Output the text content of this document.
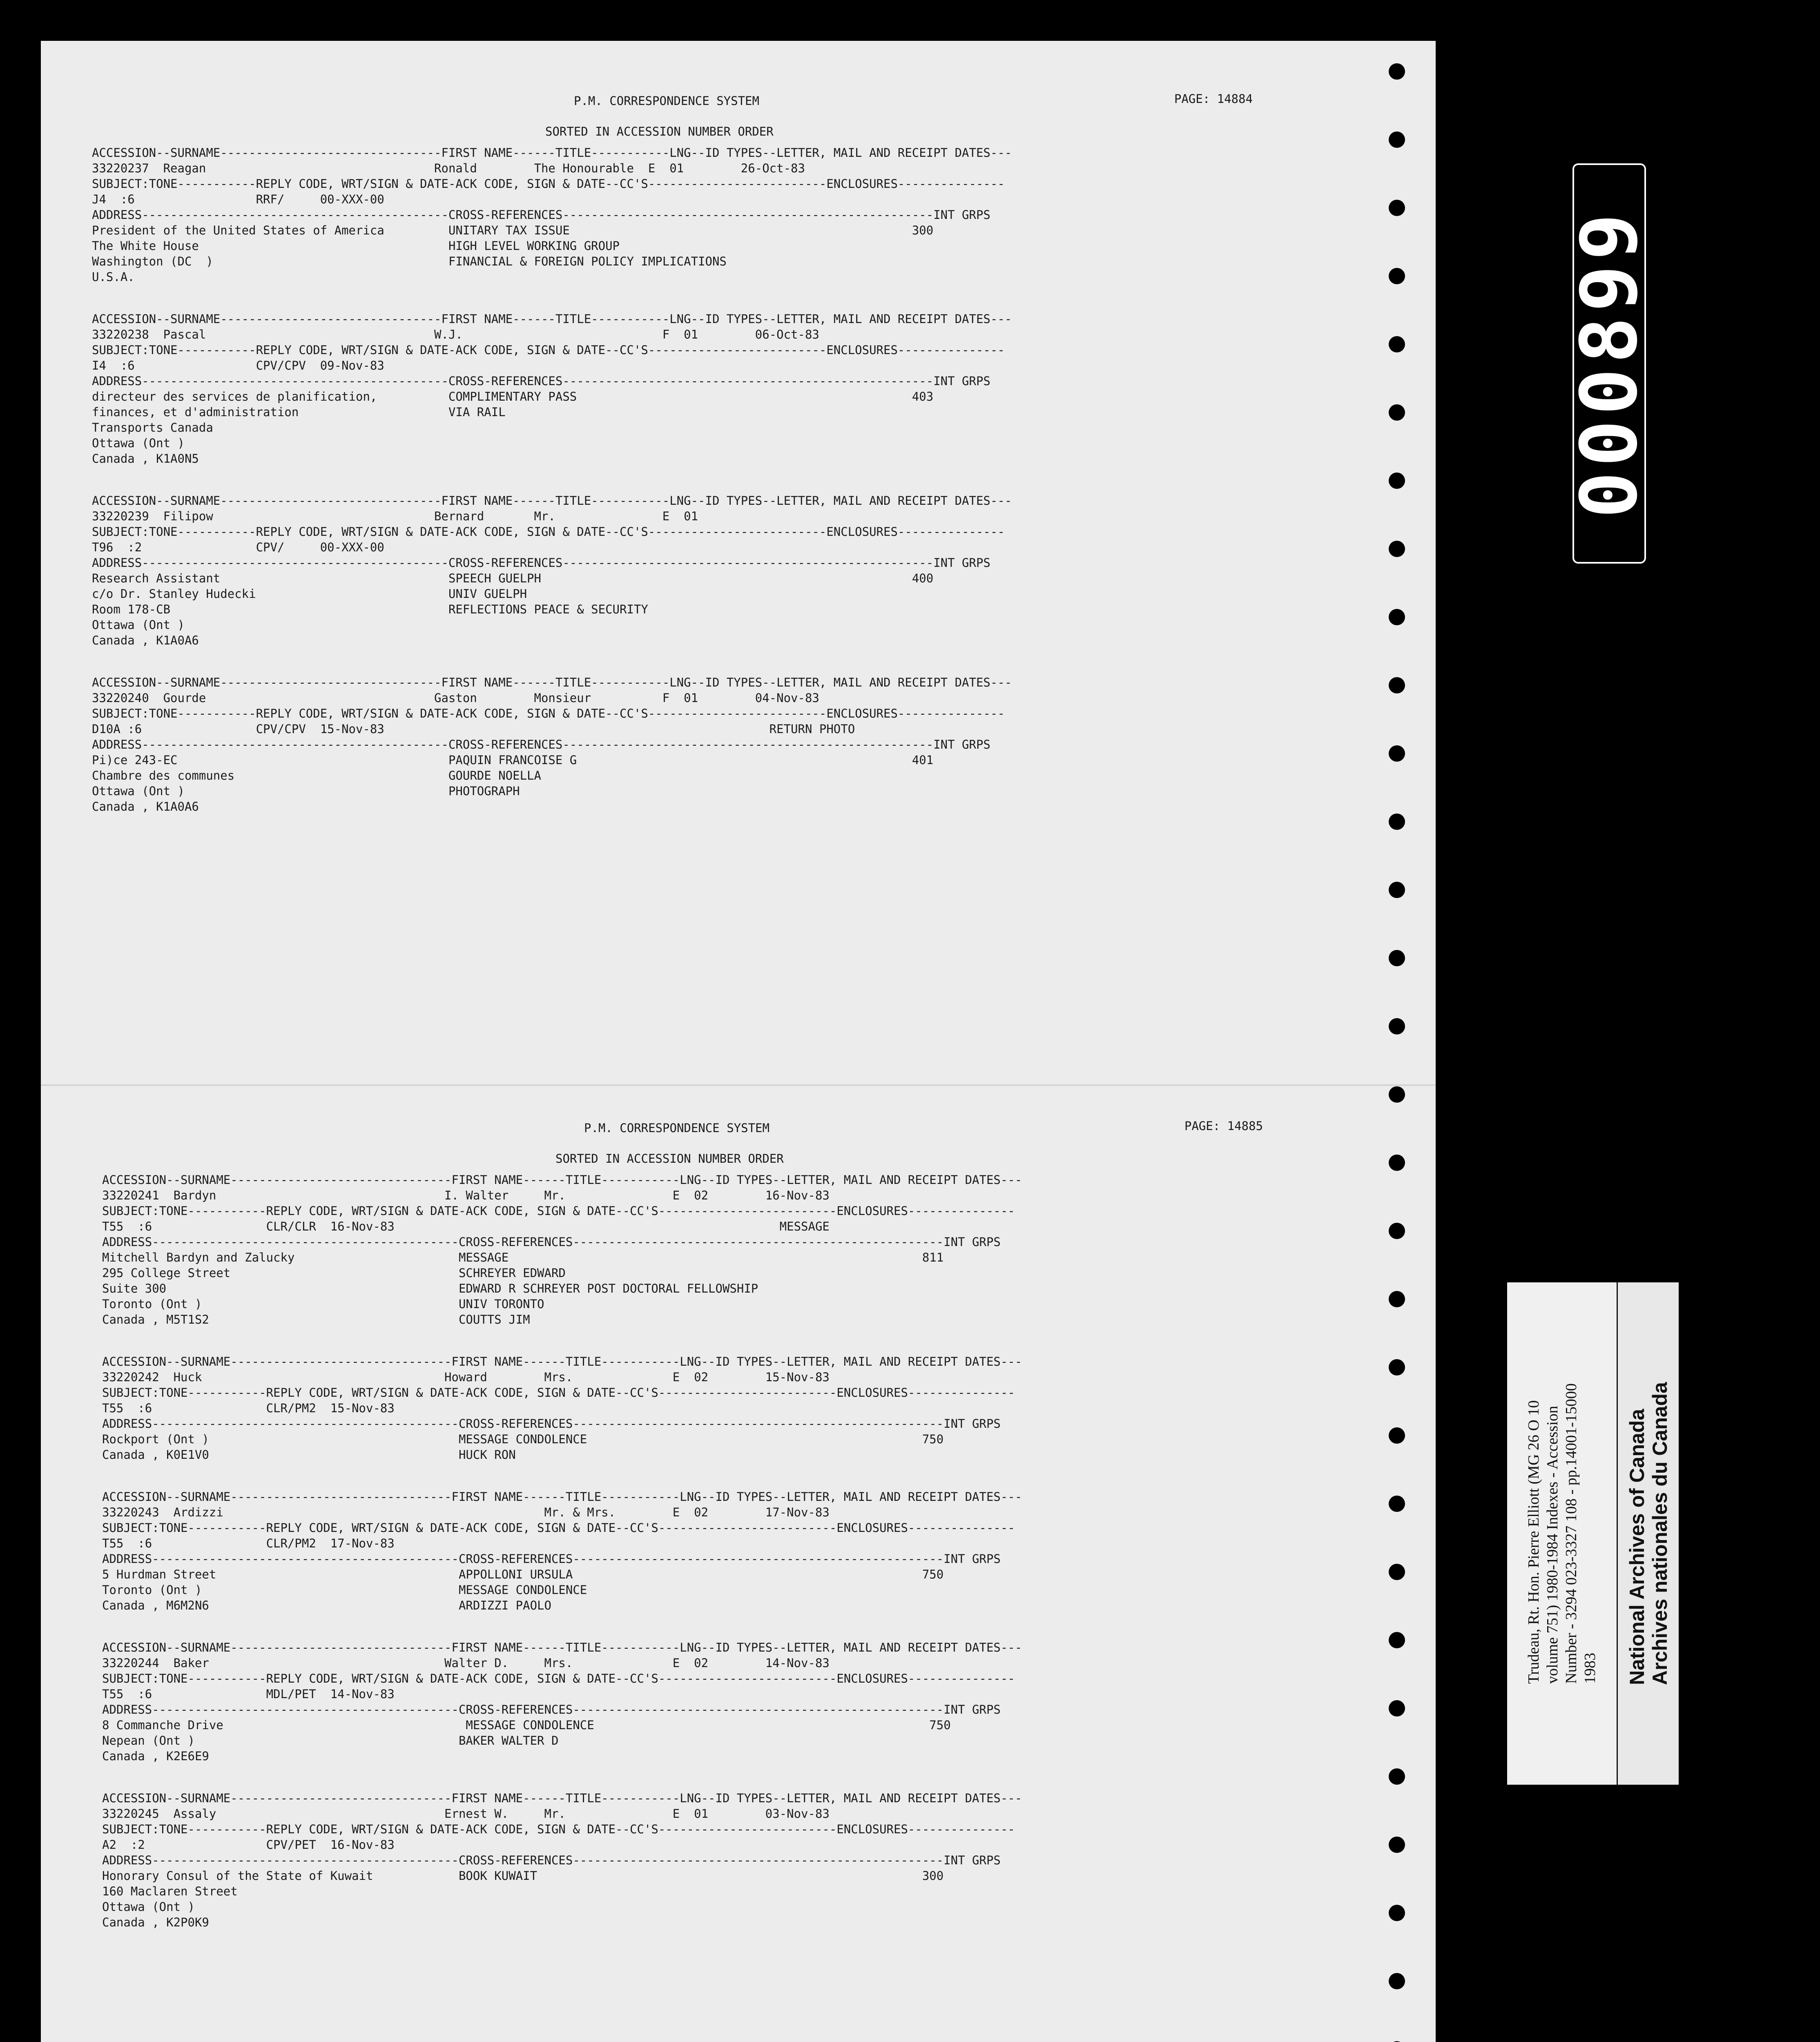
P.M. CORRESPONDENCE SYSTEM	PAGE: 14884
SORTED IN ACCESSION NUMBER ORDER
ACCESSION--SURNAME-------------------------------FIRST NAME------TITLE-----------LNG--ID TYPES--LETTER, MAIL AND RECEIPT DATES---
33220237  Reagan                                Ronald        The Honourable  E  01        26-Oct-83
SUBJECT:TONE-----------REPLY CODE, WRT/SIGN & DATE-ACK CODE, SIGN & DATE--CC'S-------------------------ENCLOSURES---------------
J4  :6                 RRF/     00-XXX-00
ADDRESS-------------------------------------------CROSS-REFERENCES----------------------------------------------------INT GRPS
President of the United States of America         UNITARY TAX ISSUE                                                300
The White House                                   HIGH LEVEL WORKING GROUP
Washington (DC  )                                 FINANCIAL & FOREIGN POLICY IMPLICATIONS
U.S.A.
ACCESSION--SURNAME-------------------------------FIRST NAME------TITLE-----------LNG--ID TYPES--LETTER, MAIL AND RECEIPT DATES---
33220238  Pascal                                W.J.                            F  01        06-Oct-83
SUBJECT:TONE-----------REPLY CODE, WRT/SIGN & DATE-ACK CODE, SIGN & DATE--CC'S-------------------------ENCLOSURES---------------
I4  :6                 CPV/CPV  09-Nov-83
ADDRESS-------------------------------------------CROSS-REFERENCES----------------------------------------------------INT GRPS
directeur des services de planification,          COMPLIMENTARY PASS                                               403
finances, et d'administration                     VIA RAIL
Transports Canada
Ottawa (Ont )
Canada , K1A0N5
ACCESSION--SURNAME-------------------------------FIRST NAME------TITLE-----------LNG--ID TYPES--LETTER, MAIL AND RECEIPT DATES---
33220239  Filipow                               Bernard       Mr.               E  01
SUBJECT:TONE-----------REPLY CODE, WRT/SIGN & DATE-ACK CODE, SIGN & DATE--CC'S-------------------------ENCLOSURES---------------
T96  :2                CPV/     00-XXX-00
ADDRESS-------------------------------------------CROSS-REFERENCES----------------------------------------------------INT GRPS
Research Assistant                                SPEECH GUELPH                                                    400
c/o Dr. Stanley Hudecki                           UNIV GUELPH
Room 178-CB                                       REFLECTIONS PEACE & SECURITY
Ottawa (Ont )
Canada , K1A0A6
ACCESSION--SURNAME-------------------------------FIRST NAME------TITLE-----------LNG--ID TYPES--LETTER, MAIL AND RECEIPT DATES---
33220240  Gourde                                Gaston        Monsieur          F  01        04-Nov-83
SUBJECT:TONE-----------REPLY CODE, WRT/SIGN & DATE-ACK CODE, SIGN & DATE--CC'S-------------------------ENCLOSURES---------------
D10A :6                CPV/CPV  15-Nov-83                                                      RETURN PHOTO
ADDRESS-------------------------------------------CROSS-REFERENCES----------------------------------------------------INT GRPS
Pi)ce 243-EC                                      PAQUIN FRANCOISE G                                               401
Chambre des communes                              GOURDE NOELLA
Ottawa (Ont )                                     PHOTOGRAPH
Canada , K1A0A6
P.M. CORRESPONDENCE SYSTEM	PAGE: 14885
SORTED IN ACCESSION NUMBER ORDER
ACCESSION--SURNAME-------------------------------FIRST NAME------TITLE-----------LNG--ID TYPES--LETTER, MAIL AND RECEIPT DATES---
33220241  Bardyn                                I. Walter     Mr.               E  02        16-Nov-83
SUBJECT:TONE-----------REPLY CODE, WRT/SIGN & DATE-ACK CODE, SIGN & DATE--CC'S-------------------------ENCLOSURES---------------
T55  :6                CLR/CLR  16-Nov-83                                                      MESSAGE
ADDRESS-------------------------------------------CROSS-REFERENCES----------------------------------------------------INT GRPS
Mitchell Bardyn and Zalucky                       MESSAGE                                                          811
295 College Street                                SCHREYER EDWARD
Suite 300                                         EDWARD R SCHREYER POST DOCTORAL FELLOWSHIP
Toronto (Ont )                                    UNIV TORONTO
Canada , M5T1S2                                   COUTTS JIM
ACCESSION--SURNAME-------------------------------FIRST NAME------TITLE-----------LNG--ID TYPES--LETTER, MAIL AND RECEIPT DATES---
33220242  Huck                                  Howard        Mrs.              E  02        15-Nov-83
SUBJECT:TONE-----------REPLY CODE, WRT/SIGN & DATE-ACK CODE, SIGN & DATE--CC'S-------------------------ENCLOSURES---------------
T55  :6                CLR/PM2  15-Nov-83
ADDRESS-------------------------------------------CROSS-REFERENCES----------------------------------------------------INT GRPS
Rockport (Ont )                                   MESSAGE CONDOLENCE                                               750
Canada , K0E1V0                                   HUCK RON
ACCESSION--SURNAME-------------------------------FIRST NAME------TITLE-----------LNG--ID TYPES--LETTER, MAIL AND RECEIPT DATES---
33220243  Ardizzi                                             Mr. & Mrs.        E  02        17-Nov-83
SUBJECT:TONE-----------REPLY CODE, WRT/SIGN & DATE-ACK CODE, SIGN & DATE--CC'S-------------------------ENCLOSURES---------------
T55  :6                CLR/PM2  17-Nov-83
ADDRESS-------------------------------------------CROSS-REFERENCES----------------------------------------------------INT GRPS
5 Hurdman Street                                  APPOLLONI URSULA                                                 750
Toronto (Ont )                                    MESSAGE CONDOLENCE
Canada , M6M2N6                                   ARDIZZI PAOLO
ACCESSION--SURNAME-------------------------------FIRST NAME------TITLE-----------LNG--ID TYPES--LETTER, MAIL AND RECEIPT DATES---
33220244  Baker                                 Walter D.     Mrs.              E  02        14-Nov-83
SUBJECT:TONE-----------REPLY CODE, WRT/SIGN & DATE-ACK CODE, SIGN & DATE--CC'S-------------------------ENCLOSURES---------------
T55  :6                MDL/PET  14-Nov-83
ADDRESS-------------------------------------------CROSS-REFERENCES----------------------------------------------------INT GRPS
8 Commanche Drive                                  MESSAGE CONDOLENCE                                               750
Nepean (Ont )                                     BAKER WALTER D
Canada , K2E6E9
ACCESSION--SURNAME-------------------------------FIRST NAME------TITLE-----------LNG--ID TYPES--LETTER, MAIL AND RECEIPT DATES---
33220245  Assaly                                Ernest W.     Mr.               E  01        03-Nov-83
SUBJECT:TONE-----------REPLY CODE, WRT/SIGN & DATE-ACK CODE, SIGN & DATE--CC'S-------------------------ENCLOSURES---------------
A2  :2                 CPV/PET  16-Nov-83
ADDRESS-------------------------------------------CROSS-REFERENCES----------------------------------------------------INT GRPS
Honorary Consul of the State of Kuwait            BOOK KUWAIT                                                      300
160 Maclaren Street
Ottawa (Ont )
Canada , K2P0K9
000899
Trudeau, Rt. Hon. Pierre Elliott (MG 26 O 10 volume 751) 1980-1984 Indexes - Accession Number - 3294 023-3327 108 - pp.14001-15000 1983 National Archives of Canada Archives nationales du Canada
